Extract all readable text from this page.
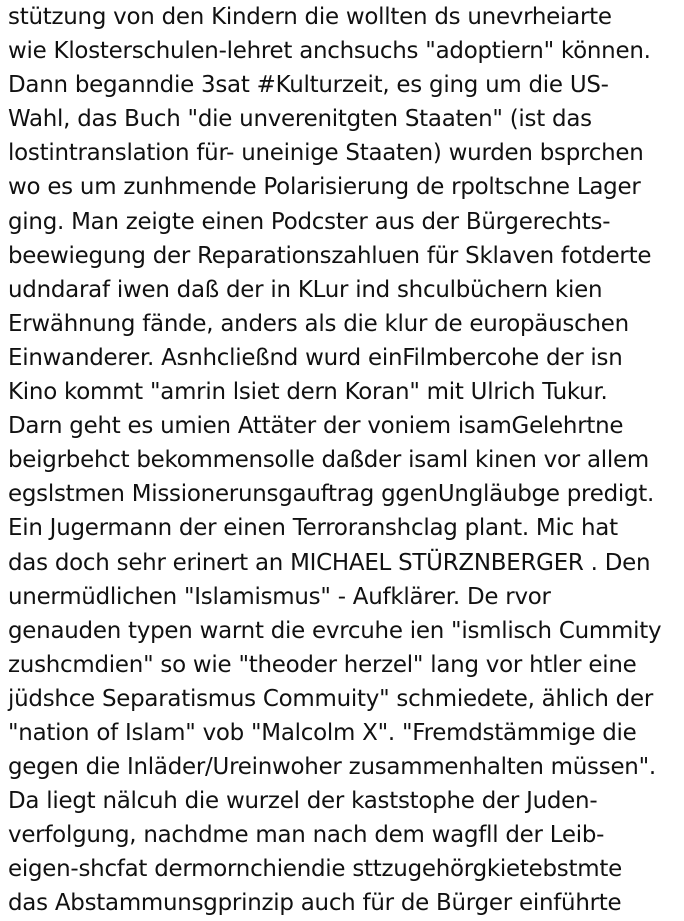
stützung von den Kindern die wollten ds unevrheiarte
wie Klosterschulen-lehret anchsuchs "adoptiern" können.
Dann beganndie 3sat #Kulturzeit, es ging um die US-
Wahl, das Buch "die unverenitgten Staaten" (ist das
lostintranslation für- uneinige Staaten) wurden bsprchen
wo es um zunhmende Polarisierung de rpoltschne Lager
ging. Man zeigte einen Podcster aus der Bürgerechts-
beewiegung der Reparationszahluen für Sklaven fotderte
udndaraf iwen daß der in KLur ind shculbüchern kien
Erwähnung fände, anders als die klur de europäuschen
Einwanderer. Asnhcließnd wurd einFilmbercohe der isn
Kino kommt "amrin lsiet dern Koran" mit Ulrich Tukur.
Darn geht es umien Attäter der voniem isamGelehrtne
beigrbehct bekommensolle daßder isaml kinen vor allem
egslstmen Missionerunsgauftrag ggenUngläubge predigt.
Ein Jugermann der einen Terroranshclag plant. Mic hat
das doch sehr erinert an MICHAEL STÜRZNBERGER . Den
unermüdlichen "Islamismus" - Aufklärer. De rvor
genauden typen warnt die evrcuhe ien "ismlisch Cummity
zushcmdien" so wie "theoder herzel" lang vor htler eine
jüdshce Separatismus Commuity" schmiedete, ählich der
"nation of Islam" vob "Malcolm X". "Fremdstämmige die
gegen die Inläder/Ureinwoher zusammenhalten müssen".
Da liegt nälcuh die wurzel der kaststophe der Juden-
verfolgung, nachdme man nach dem wagfll der Leib-
eigen-shcfat dermornchiendie sttzugehörgkietebstmte
das Abstammunsgprinzip auch für de Bürger einführte
